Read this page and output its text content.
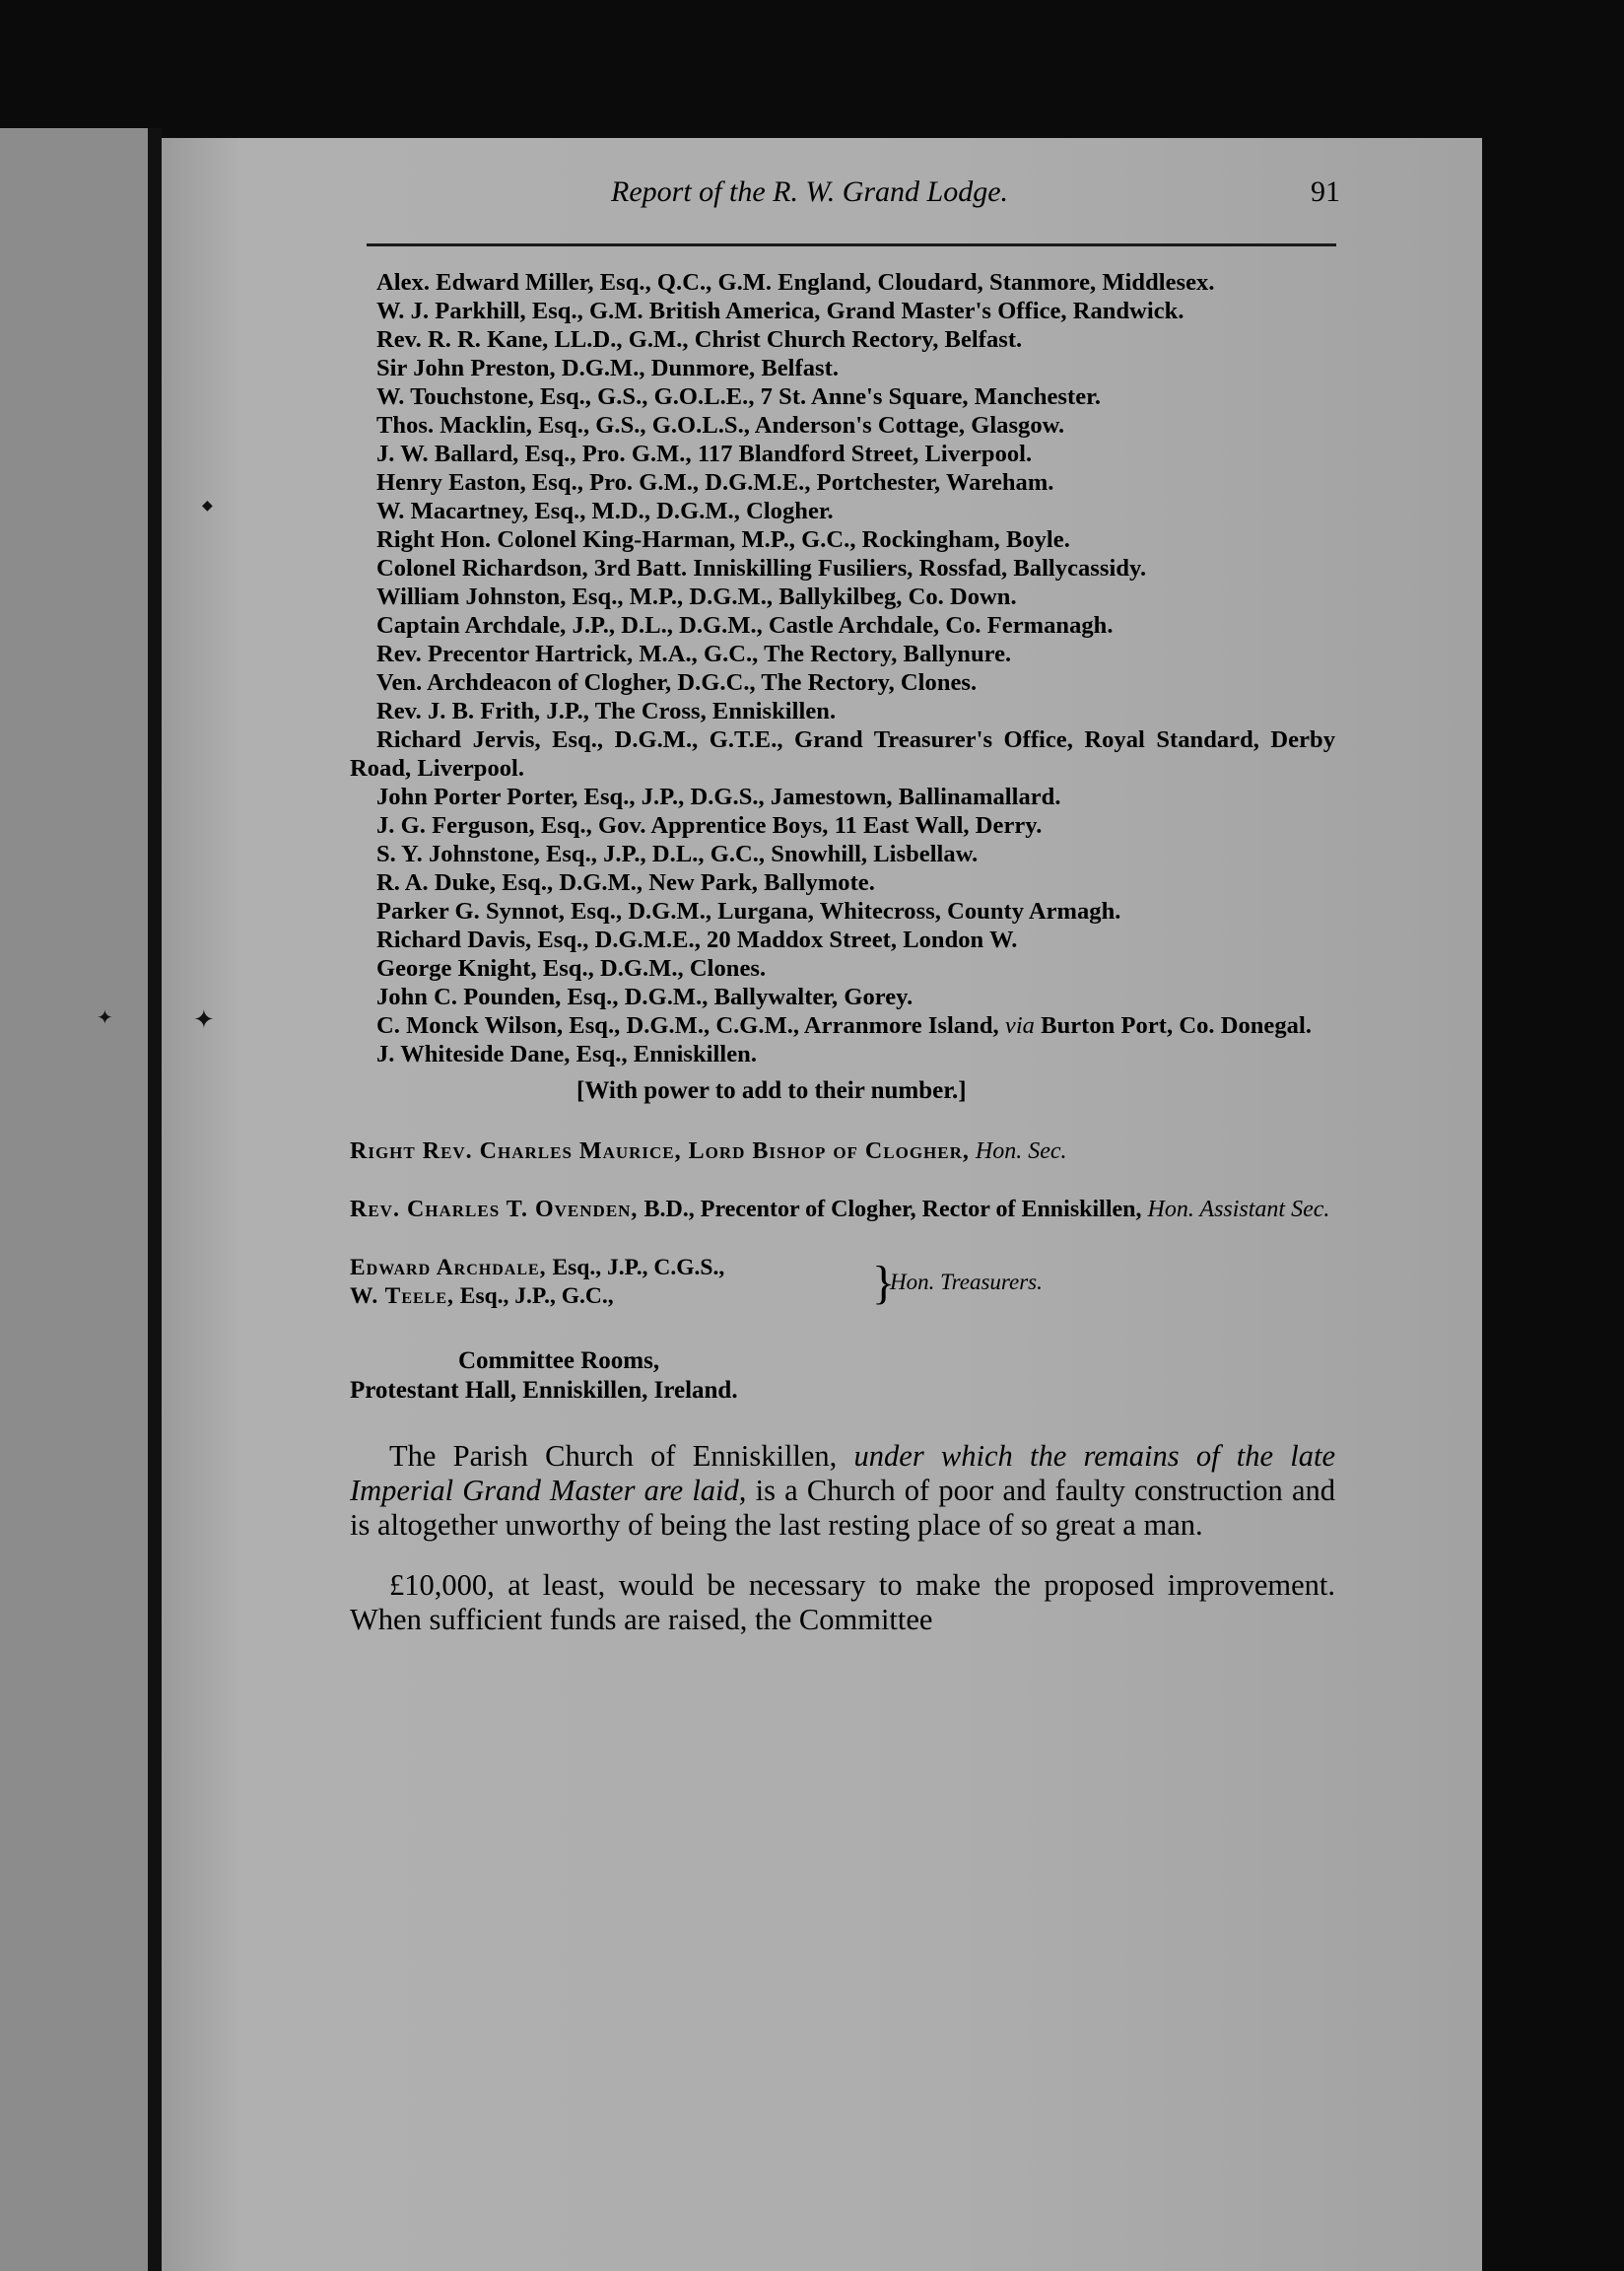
✦
✦
◆
Report of the R. W. Grand Lodge.	91

Alex. Edward Miller, Esq., Q.C., G.M. England, Cloudard, Stanmore, Middlesex.

W. J. Parkhill, Esq., G.M. British America, Grand Master's Office, Randwick.

Rev. R. R. Kane, LL.D., G.M., Christ Church Rectory, Belfast.

Sir John Preston, D.G.M., Dunmore, Belfast.

W. Touchstone, Esq., G.S., G.O.L.E., 7 St. Anne's Square, Manchester.

Thos. Macklin, Esq., G.S., G.O.L.S., Anderson's Cottage, Glasgow.

J. W. Ballard, Esq., Pro. G.M., 117 Blandford Street, Liverpool.

Henry Easton, Esq., Pro. G.M., D.G.M.E., Portchester, Wareham.

W. Macartney, Esq., M.D., D.G.M., Clogher.

Right Hon. Colonel King-Harman, M.P., G.C., Rockingham, Boyle.

Colonel Richardson, 3rd Batt. Inniskilling Fusiliers, Rossfad, Ballycassidy.

William Johnston, Esq., M.P., D.G.M., Ballykilbeg, Co. Down.

Captain Archdale, J.P., D.L., D.G.M., Castle Archdale, Co. Fermanagh.

Rev. Precentor Hartrick, M.A., G.C., The Rectory, Ballynure.

Ven. Archdeacon of Clogher, D.G.C., The Rectory, Clones.

Rev. J. B. Frith, J.P., The Cross, Enniskillen.

Richard Jervis, Esq., D.G.M., G.T.E., Grand Treasurer's Office, Royal Standard, Derby Road, Liverpool.

John Porter Porter, Esq., J.P., D.G.S., Jamestown, Ballinamallard.

J. G. Ferguson, Esq., Gov. Apprentice Boys, 11 East Wall, Derry.

S. Y. Johnstone, Esq., J.P., D.L., G.C., Snowhill, Lisbellaw.

R. A. Duke, Esq., D.G.M., New Park, Ballymote.

Parker G. Synnot, Esq., D.G.M., Lurgana, Whitecross, County Armagh.

Richard Davis, Esq., D.G.M.E., 20 Maddox Street, London W.

George Knight, Esq., D.G.M., Clones.

John C. Pounden, Esq., D.G.M., Ballywalter, Gorey.

C. Monck Wilson, Esq., D.G.M., C.G.M., Arranmore Island, via Burton Port, Co. Donegal.

J. Whiteside Dane, Esq., Enniskillen.

[With power to add to their number.]

Right Rev. Charles Maurice, Lord Bishop of Clogher, Hon. Sec.

Rev. Charles T. Ovenden, B.D., Precentor of Clogher, Rector of Enniskillen, Hon. Assistant Sec.

Edward Archdale, Esq., J.P., C.G.S.,
W. Teele, Esq., J.P., G.C.,	}
Hon. Treasurers.
Committee Rooms,
Protestant Hall, Enniskillen, Ireland.

The Parish Church of Enniskillen, under which the remains of the late Imperial Grand Master are laid, is a Church of poor and faulty construction and is altogether unworthy of being the last resting place of so great a man.

£10,000, at least, would be necessary to make the proposed improvement. When sufficient funds are raised, the Committee
